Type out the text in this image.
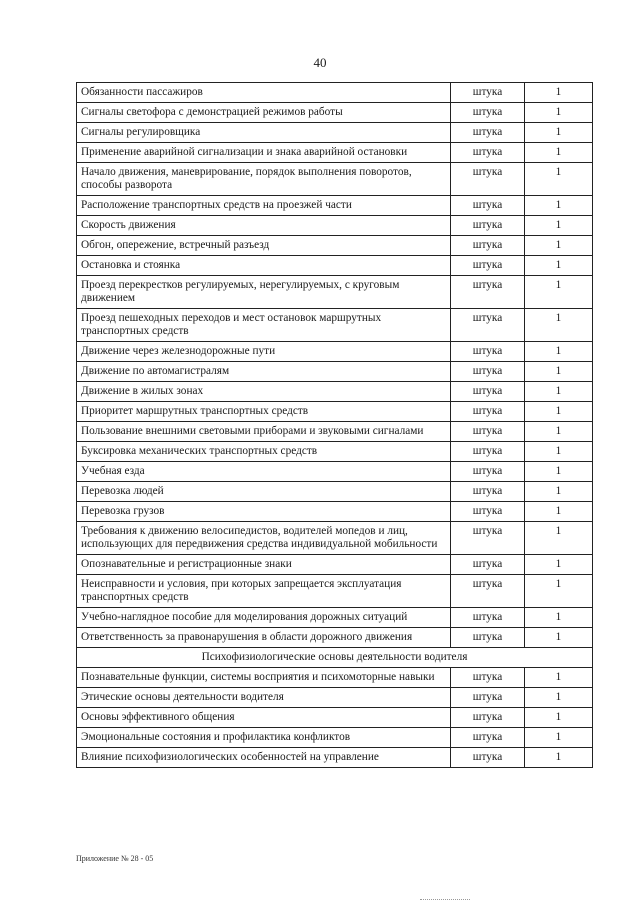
40
Обязанности пассажиров	штука	1
Сигналы светофора с демонстрацией режимов работы	штука	1
Сигналы регулировщика	штука	1
Применение аварийной сигнализации и знака аварийной остановки	штука	1
Начало движения, маневрирование, порядок выполнения поворотов, способы разворота	штука	1
Расположение транспортных средств на проезжей части	штука	1
Скорость движения	штука	1
Обгон, опережение, встречный разъезд	штука	1
Остановка и стоянка	штука	1
Проезд перекрестков регулируемых, нерегулируемых, с круговым движением	штука	1
Проезд пешеходных переходов и мест остановок маршрутных транспортных средств	штука	1
Движение через железнодорожные пути	штука	1
Движение по автомагистралям	штука	1
Движение в жилых зонах	штука	1
Приоритет маршрутных транспортных средств	штука	1
Пользование внешними световыми приборами и звуковыми сигналами	штука	1
Буксировка механических транспортных средств	штука	1
Учебная езда	штука	1
Перевозка людей	штука	1
Перевозка грузов	штука	1
Требования к движению велосипедистов, водителей мопедов и лиц, использующих для передвижения средства индивидуальной мобильности	штука	1
Опознавательные и регистрационные знаки	штука	1
Неисправности и условия, при которых запрещается эксплуатация транспортных средств	штука	1
Учебно-наглядное пособие для моделирования дорожных ситуаций	штука	1
Ответственность за правонарушения в области дорожного движения	штука	1
Психофизиологические основы деятельности водителя		
Познавательные функции, системы восприятия и психомоторные навыки	штука	1
Этические основы деятельности водителя	штука	1
Основы эффективного общения	штука	1
Эмоциональные состояния и профилактика конфликтов	штука	1
Влияние психофизиологических особенностей на управление	штука	1
Приложение № 28 - 05
